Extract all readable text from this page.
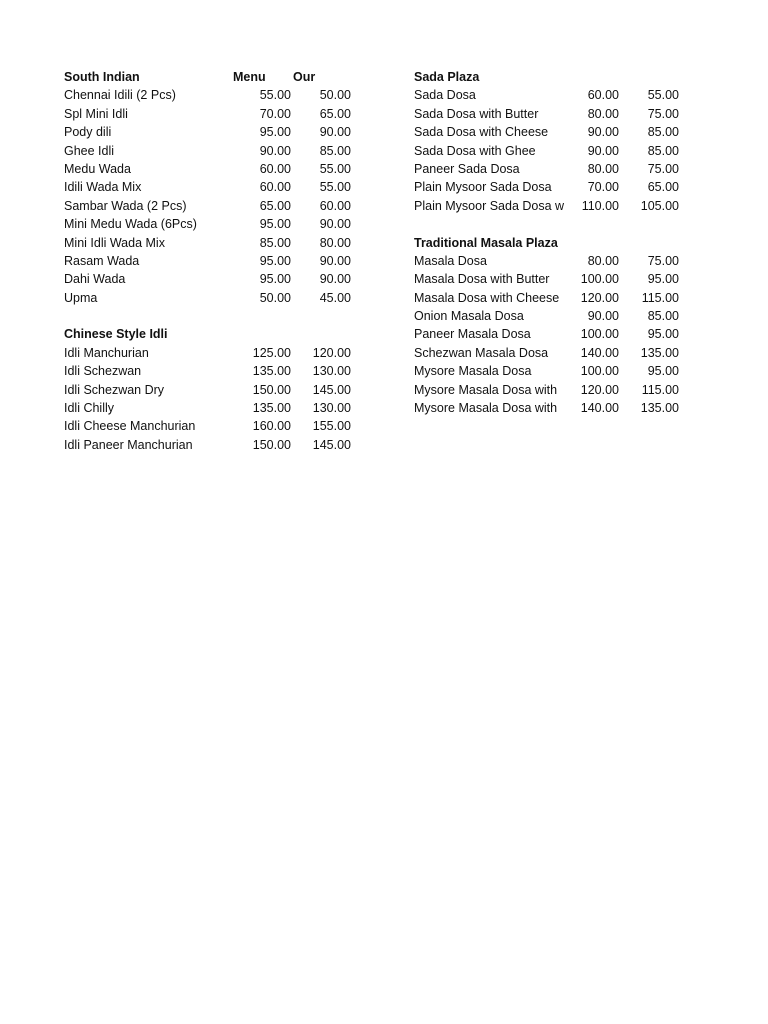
South Indian	Menu Our
Chennai Idili (2 Pcs)	55.00	50.00
Spl Mini Idli	70.00	65.00
Pody dili	95.00	90.00
Ghee Idli	90.00	85.00
Medu Wada	60.00	55.00
Idili Wada Mix	60.00	55.00
Sambar Wada (2 Pcs)	65.00	60.00
Mini Medu Wada (6Pcs)	95.00	90.00
Mini Idli Wada Mix	85.00	80.00
Rasam Wada	95.00	90.00
Dahi Wada	95.00	90.00
Upma	50.00	45.00
Chinese Style Idli
Idli Manchurian	125.00	120.00
Idli Schezwan	135.00	130.00
Idli Schezwan Dry	150.00	145.00
Idli Chilly	135.00	130.00
Idli Cheese Manchurian	160.00	155.00
Idli Paneer Manchurian	150.00	145.00
Sada Plaza
Sada Dosa	60.00	55.00
Sada Dosa with Butter	80.00	75.00
Sada Dosa with Cheese	90.00	85.00
Sada Dosa with Ghee	90.00	85.00
Paneer Sada Dosa	80.00	75.00
Plain Mysoor Sada Dosa	70.00	65.00
Plain Mysoor Sada Dosa w	110.00	105.00
Traditional Masala Plaza
Masala Dosa	80.00	75.00
Masala Dosa with Butter	100.00	95.00
Masala Dosa with Cheese	120.00	115.00
Onion Masala Dosa	90.00	85.00
Paneer Masala Dosa	100.00	95.00
Schezwan Masala Dosa	140.00	135.00
Mysore Masala Dosa	100.00	95.00
Mysore Masala Dosa with	120.00	115.00
Mysore Masala Dosa with	140.00	135.00
